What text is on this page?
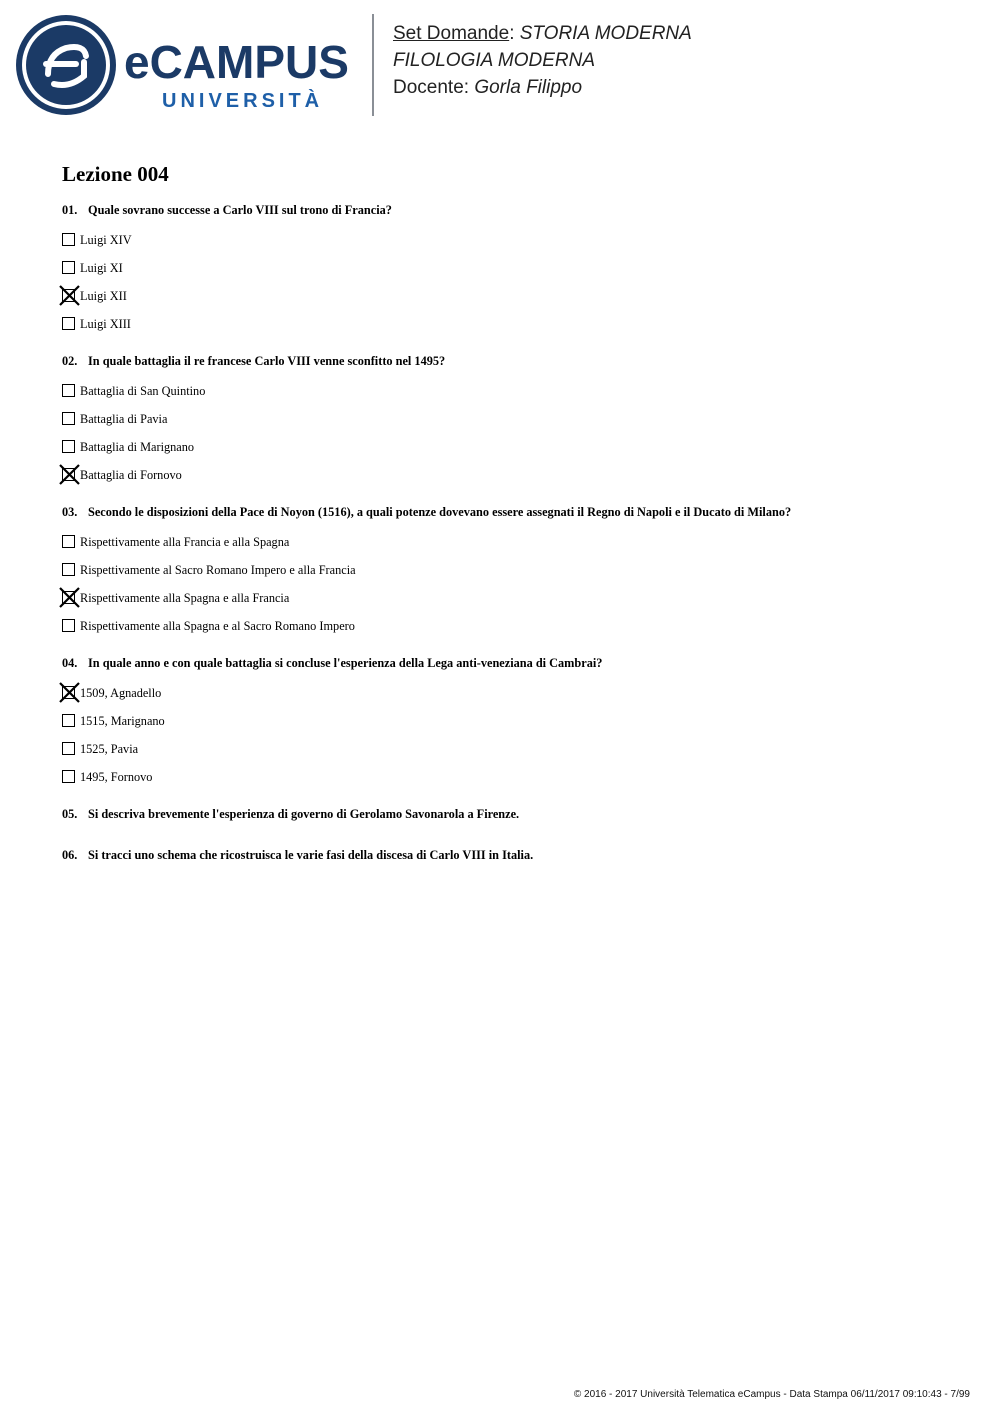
eCAMPUS
UNIVERSITÀ
Set Domande: STORIA MODERNA
FILOLOGIA MODERNA
Docente: Gorla Filippo
Lezione 004
01. Quale sovrano successe a Carlo VIII sul trono di Francia?
Luigi XIV
Luigi XI
Luigi XII
Luigi XIII
02. In quale battaglia il re francese Carlo VIII venne sconfitto nel 1495?
Battaglia di San Quintino
Battaglia di Pavia
Battaglia di Marignano
Battaglia di Fornovo
03. Secondo le disposizioni della Pace di Noyon (1516), a quali potenze dovevano essere assegnati il Regno di Napoli e il Ducato di Milano?
Rispettivamente alla Francia e alla Spagna
Rispettivamente al Sacro Romano Impero e alla Francia
Rispettivamente alla Spagna e alla Francia
Rispettivamente alla Spagna e al Sacro Romano Impero
04. In quale anno e con quale battaglia si concluse l'esperienza della Lega anti-veneziana di Cambrai?
1509, Agnadello
1515, Marignano
1525, Pavia
1495, Fornovo
05. Si descriva brevemente l'esperienza di governo di Gerolamo Savonarola a Firenze.
06. Si tracci uno schema che ricostruisca le varie fasi della discesa di Carlo VIII in Italia.
© 2016 - 2017 Università Telematica eCampus - Data Stampa 06/11/2017 09:10:43 - 7/99
